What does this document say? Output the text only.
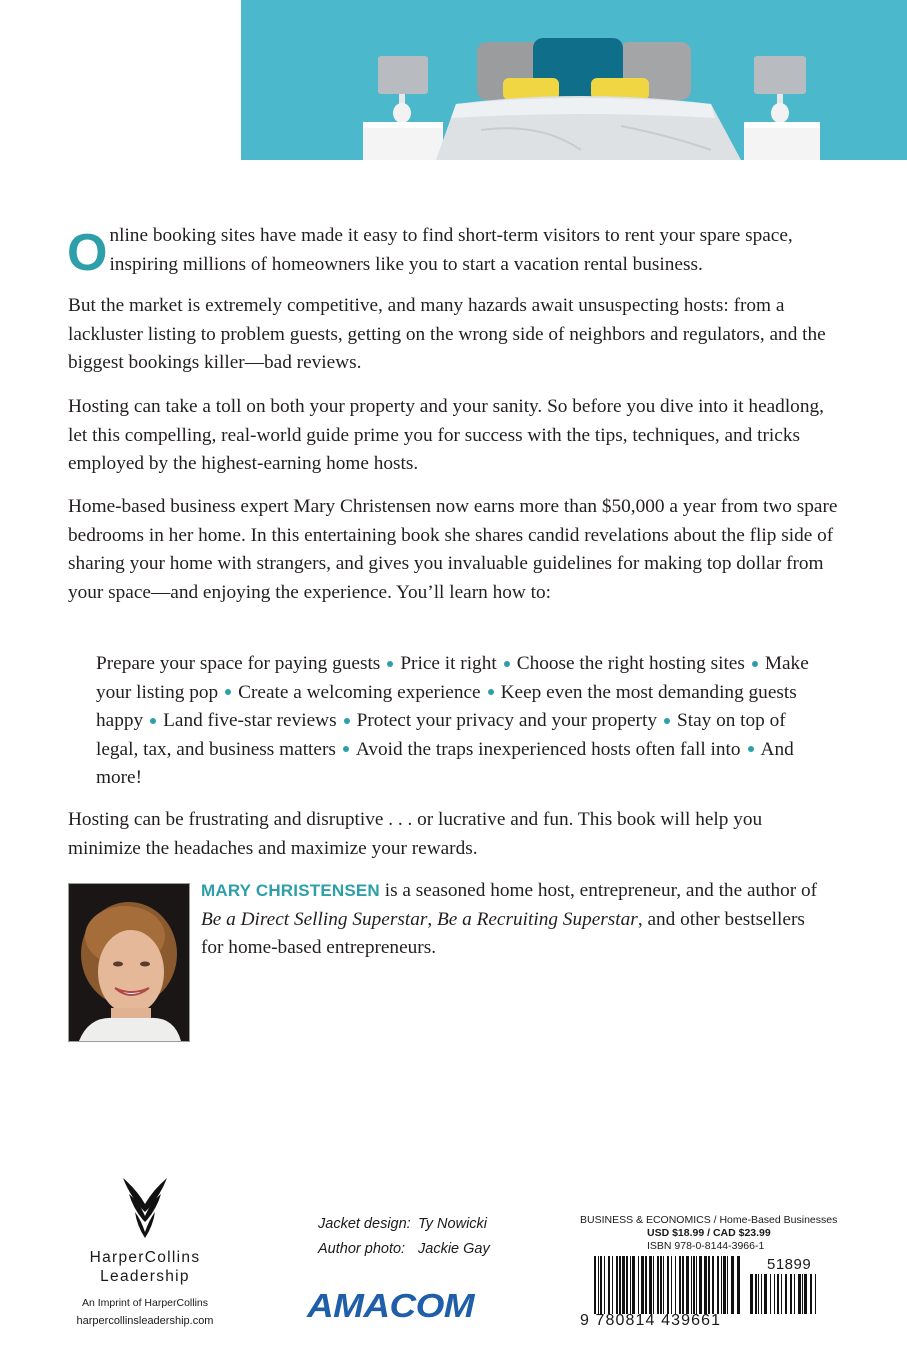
Online booking sites have made it easy to find short-term visitors to rent your spare space, inspiring millions of homeowners like you to start a vacation rental business.

But the market is extremely competitive, and many hazards await unsuspecting hosts: from a lackluster listing to problem guests, getting on the wrong side of neighbors and regulators, and the biggest bookings killer—bad reviews.

Hosting can take a toll on both your property and your sanity. So before you dive into it headlong, let this compelling, real-world guide prime you for success with the tips, techniques, and tricks employed by the highest-earning home hosts.

Home-based business expert Mary Christensen now earns more than $50,000 a year from two spare bedrooms in her home. In this entertaining book she shares candid revelations about the flip side of sharing your home with strangers, and gives you invaluable guidelines for making top dollar from your space—and enjoying the experience. You’ll learn how to:

Prepare your space for paying guests Price it right Choose the right hosting sites Make your listing pop Create a welcoming experience Keep even the most demanding guests happy Land five-star reviews Protect your privacy and your property Stay on top of legal, tax, and business matters Avoid the traps inexperienced hosts often fall into And more!

Hosting can be frustrating and disruptive . . . or lucrative and fun. This book will help you minimize the headaches and maximize your rewards.

MARY CHRISTENSEN is a seasoned home host, entrepreneur, and the author of Be a Direct Selling Superstar, Be a Recruiting Superstar, and other bestsellers for home-based entrepreneurs.

HarperCollins
Leadership
An Imprint of HarperCollins
harpercollinsleadership.com
Jacket design: Ty Nowicki
Author photo: Jackie Gay
AMACOM
BUSINESS & ECONOMICS / Home-Based Businesses
USD $18.99 / CAD $23.99
ISBN 978-0-8144-3966-1
9 780814 439661
51899
